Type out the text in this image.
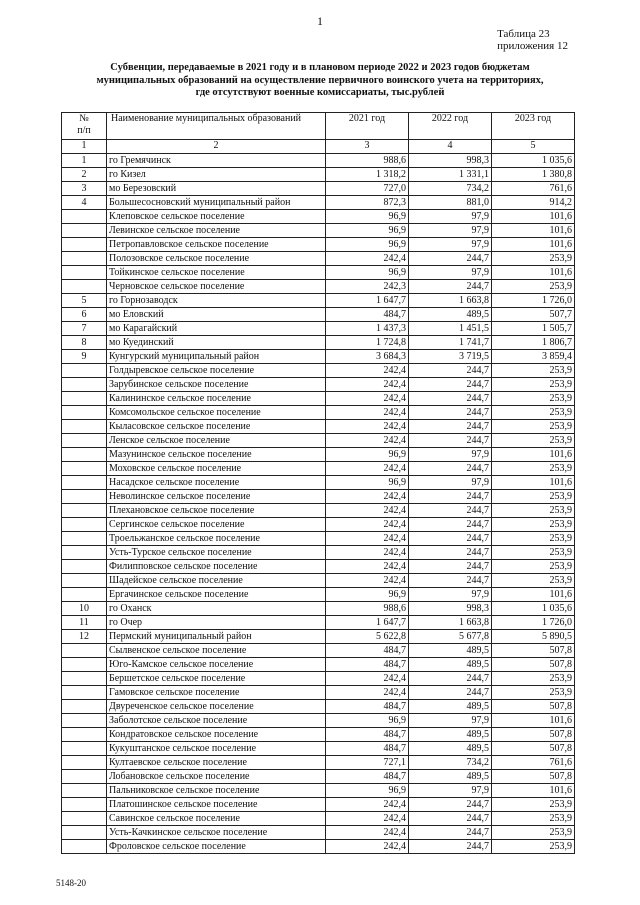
1
Таблица 23
приложения 12
Субвенции, передаваемые в 2021 году и в плановом периоде 2022 и 2023 годов бюджетам
муниципальных образований на осуществление первичного воинского учета на территориях,
где отсутствуют военные комиссариаты, тыс.рублей
№
п/п	Наименование муниципальных образований	2021 год	2022 год	2023 год
1	2	3	4	5
1	го Гремячинск	988,6	998,3	1 035,6
2	го Кизел	1 318,2	1 331,1	1 380,8
3	мо Березовский	727,0	734,2	761,6
4	Большесосновский муниципальный район	872,3	881,0	914,2
	Клеповское сельское поселение	96,9	97,9	101,6
	Левинское сельское поселение	96,9	97,9	101,6
	Петропавловское сельское поселение	96,9	97,9	101,6
	Полозовское сельское поселение	242,4	244,7	253,9
	Тойкинское сельское поселение	96,9	97,9	101,6
	Черновское сельское поселение	242,3	244,7	253,9
5	го Горнозаводск	1 647,7	1 663,8	1 726,0
6	мо Еловский	484,7	489,5	507,7
7	мо Карагайский	1 437,3	1 451,5	1 505,7
8	мо Куединский	1 724,8	1 741,7	1 806,7
9	Кунгурский муниципальный район	3 684,3	3 719,5	3 859,4
	Голдыревское сельское поселение	242,4	244,7	253,9
	Зарубинское сельское поселение	242,4	244,7	253,9
	Калининское сельское поселение	242,4	244,7	253,9
	Комсомольское сельское поселение	242,4	244,7	253,9
	Кыласовское сельское поселение	242,4	244,7	253,9
	Ленское сельское поселение	242,4	244,7	253,9
	Мазунинское сельское поселение	96,9	97,9	101,6
	Моховское сельское поселение	242,4	244,7	253,9
	Насадское сельское поселение	96,9	97,9	101,6
	Неволинское сельское поселение	242,4	244,7	253,9
	Плехановское сельское поселение	242,4	244,7	253,9
	Сергинское сельское поселение	242,4	244,7	253,9
	Троельжанское сельское поселение	242,4	244,7	253,9
	Усть-Турское сельское поселение	242,4	244,7	253,9
	Филипповское сельское поселение	242,4	244,7	253,9
	Шадейское сельское поселение	242,4	244,7	253,9
	Ергачинское сельское поселение	96,9	97,9	101,6
10	го Оханск	988,6	998,3	1 035,6
11	го Очер	1 647,7	1 663,8	1 726,0
12	Пермский муниципальный район	5 622,8	5 677,8	5 890,5
	Сылвенское сельское поселение	484,7	489,5	507,8
	Юго-Камское сельское поселение	484,7	489,5	507,8
	Бершетское сельское поселение	242,4	244,7	253,9
	Гамовское сельское поселение	242,4	244,7	253,9
	Двуреченское сельское поселение	484,7	489,5	507,8
	Заболотское сельское поселение	96,9	97,9	101,6
	Кондратовское сельское поселение	484,7	489,5	507,8
	Кукуштанское сельское поселение	484,7	489,5	507,8
	Култаевское сельское поселение	727,1	734,2	761,6
	Лобановское сельское поселение	484,7	489,5	507,8
	Пальниковское сельское поселение	96,9	97,9	101,6
	Платошинское сельское поселение	242,4	244,7	253,9
	Савинское сельское поселение	242,4	244,7	253,9
	Усть-Качкинское сельское поселение	242,4	244,7	253,9
	Фроловское сельское поселение	242,4	244,7	253,9
5148-20
